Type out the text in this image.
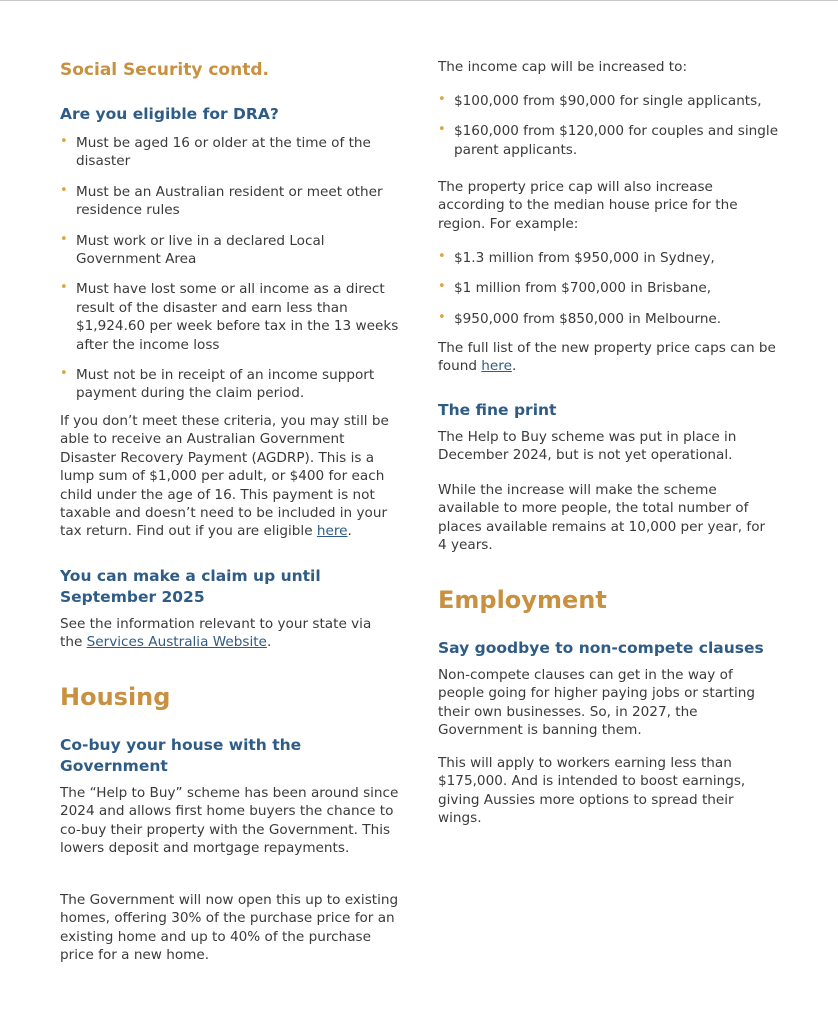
Social Security contd.
Are you eligible for DRA?
• Must be aged 16 or older at the time of the disaster
• Must be an Australian resident or meet other residence rules
• Must work or live in a declared Local Government Area
• Must have lost some or all income as a direct result of the disaster and earn less than $1,924.60 per week before tax in the 13 weeks after the income loss
• Must not be in receipt of an income support payment during the claim period.

If you don’t meet these criteria, you may still be able to receive an Australian Government Disaster Recovery Payment (AGDRP). This is a lump sum of $1,000 per adult, or $400 for each child under the age of 16. This payment is not taxable and doesn’t need to be included in your tax return. Find out if you are eligible here.

You can make a claim up until September 2025

See the information relevant to your state via the Services Australia Website.

Housing
Co-buy your house with the Government

The “Help to Buy” scheme has been around since 2024 and allows first home buyers the chance to co-buy their property with the Government. This lowers deposit and mortgage repayments.

The Government will now open this up to existing homes, offering 30% of the purchase price for an existing home and up to 40% of the purchase price for a new home.

The income cap will be increased to:

• $100,000 from $90,000 for single applicants,
• $160,000 from $120,000 for couples and single parent applicants.

The property price cap will also increase according to the median house price for the region. For example:

• $1.3 million from $950,000 in Sydney,
• $1 million from $700,000 in Brisbane,
• $950,000 from $850,000 in Melbourne.

The full list of the new property price caps can be found here.

The fine print

The Help to Buy scheme was put in place in December 2024, but is not yet operational.

While the increase will make the scheme available to more people, the total number of places available remains at 10,000 per year, for 4 years.

Employment
Say goodbye to non-compete clauses

Non-compete clauses can get in the way of people going for higher paying jobs or starting their own businesses. So, in 2027, the Government is banning them.

This will apply to workers earning less than $175,000. And is intended to boost earnings, giving Aussies more options to spread their wings.
